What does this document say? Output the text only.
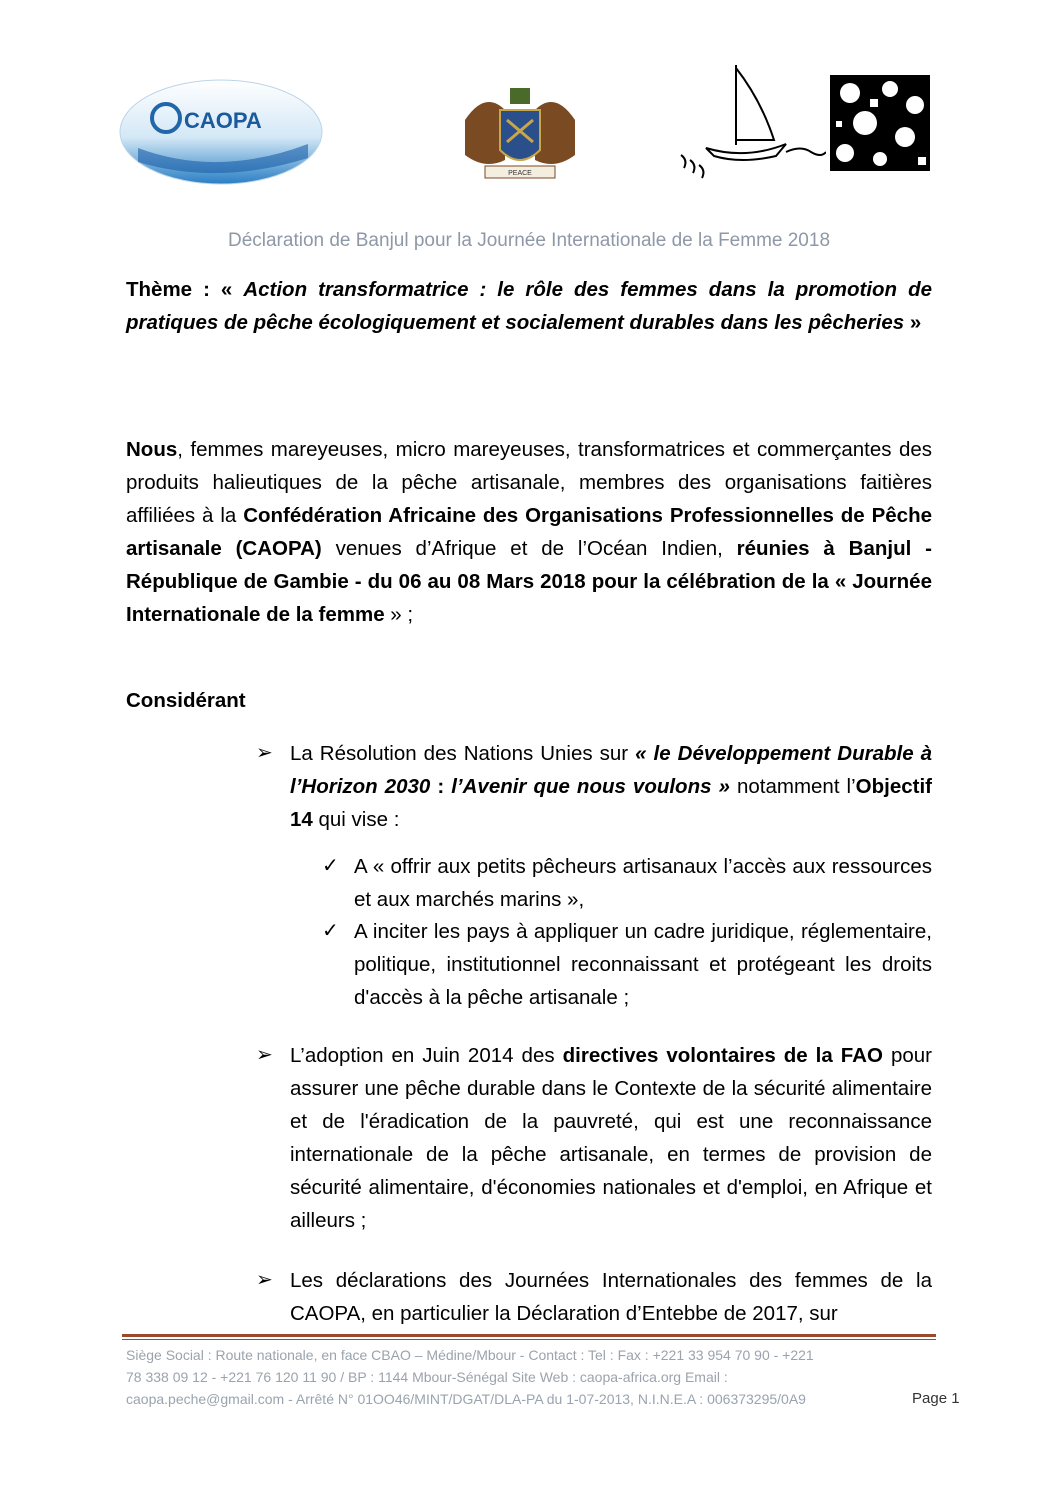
CAOPA
PEACE
Déclaration de Banjul pour la Journée Internationale de la Femme 2018
Thème : « Action transformatrice : le rôle des femmes dans la promotion de pratiques de pêche écologiquement et socialement durables dans les pêcheries »
Nous, femmes mareyeuses, micro mareyeuses, transformatrices et commerçantes des produits halieutiques de la pêche artisanale, membres des organisations faitières affiliées à la Confédération Africaine des Organisations Professionnelles de Pêche artisanale (CAOPA) venues d’Afrique et de l’Océan Indien, réunies à Banjul - République de Gambie - du 06 au 08 Mars 2018 pour la célébration de la « Journée Internationale de la femme » ;
Considérant
➢ La Résolution des Nations Unies sur « le Développement Durable à l’Horizon 2030 : l’Avenir que nous voulons » notamment l’Objectif 14 qui vise :
✓ A « offrir aux petits pêcheurs artisanaux l’accès aux ressources et aux marchés marins »,
✓ A inciter les pays à appliquer un cadre juridique, réglementaire, politique, institutionnel reconnaissant et protégeant les droits d'accès à la pêche artisanale ;
➢ L’adoption en Juin 2014 des directives volontaires de la FAO pour assurer une pêche durable dans le Contexte de la sécurité alimentaire et de l'éradication de la pauvreté, qui est une reconnaissance internationale de la pêche artisanale, en termes de provision de sécurité alimentaire, d'économies nationales et d'emploi, en Afrique et ailleurs ;
➢ Les déclarations des Journées Internationales des femmes de la CAOPA, en particulier la Déclaration d’Entebbe de 2017, sur
Siège Social : Route nationale, en face CBAO – Médine/Mbour - Contact : Tel : Fax : +221 33 954 70 90 - +221
78 338 09 12 - +221 76 120 11 90 / BP : 1144 Mbour-Sénégal Site Web : caopa-africa.org Email :
caopa.peche@gmail.com - Arrêté N° 01OO46/MINT/DGAT/DLA-PA du 1-07-2013, N.I.N.E.A : 006373295/0A9	Page 1
